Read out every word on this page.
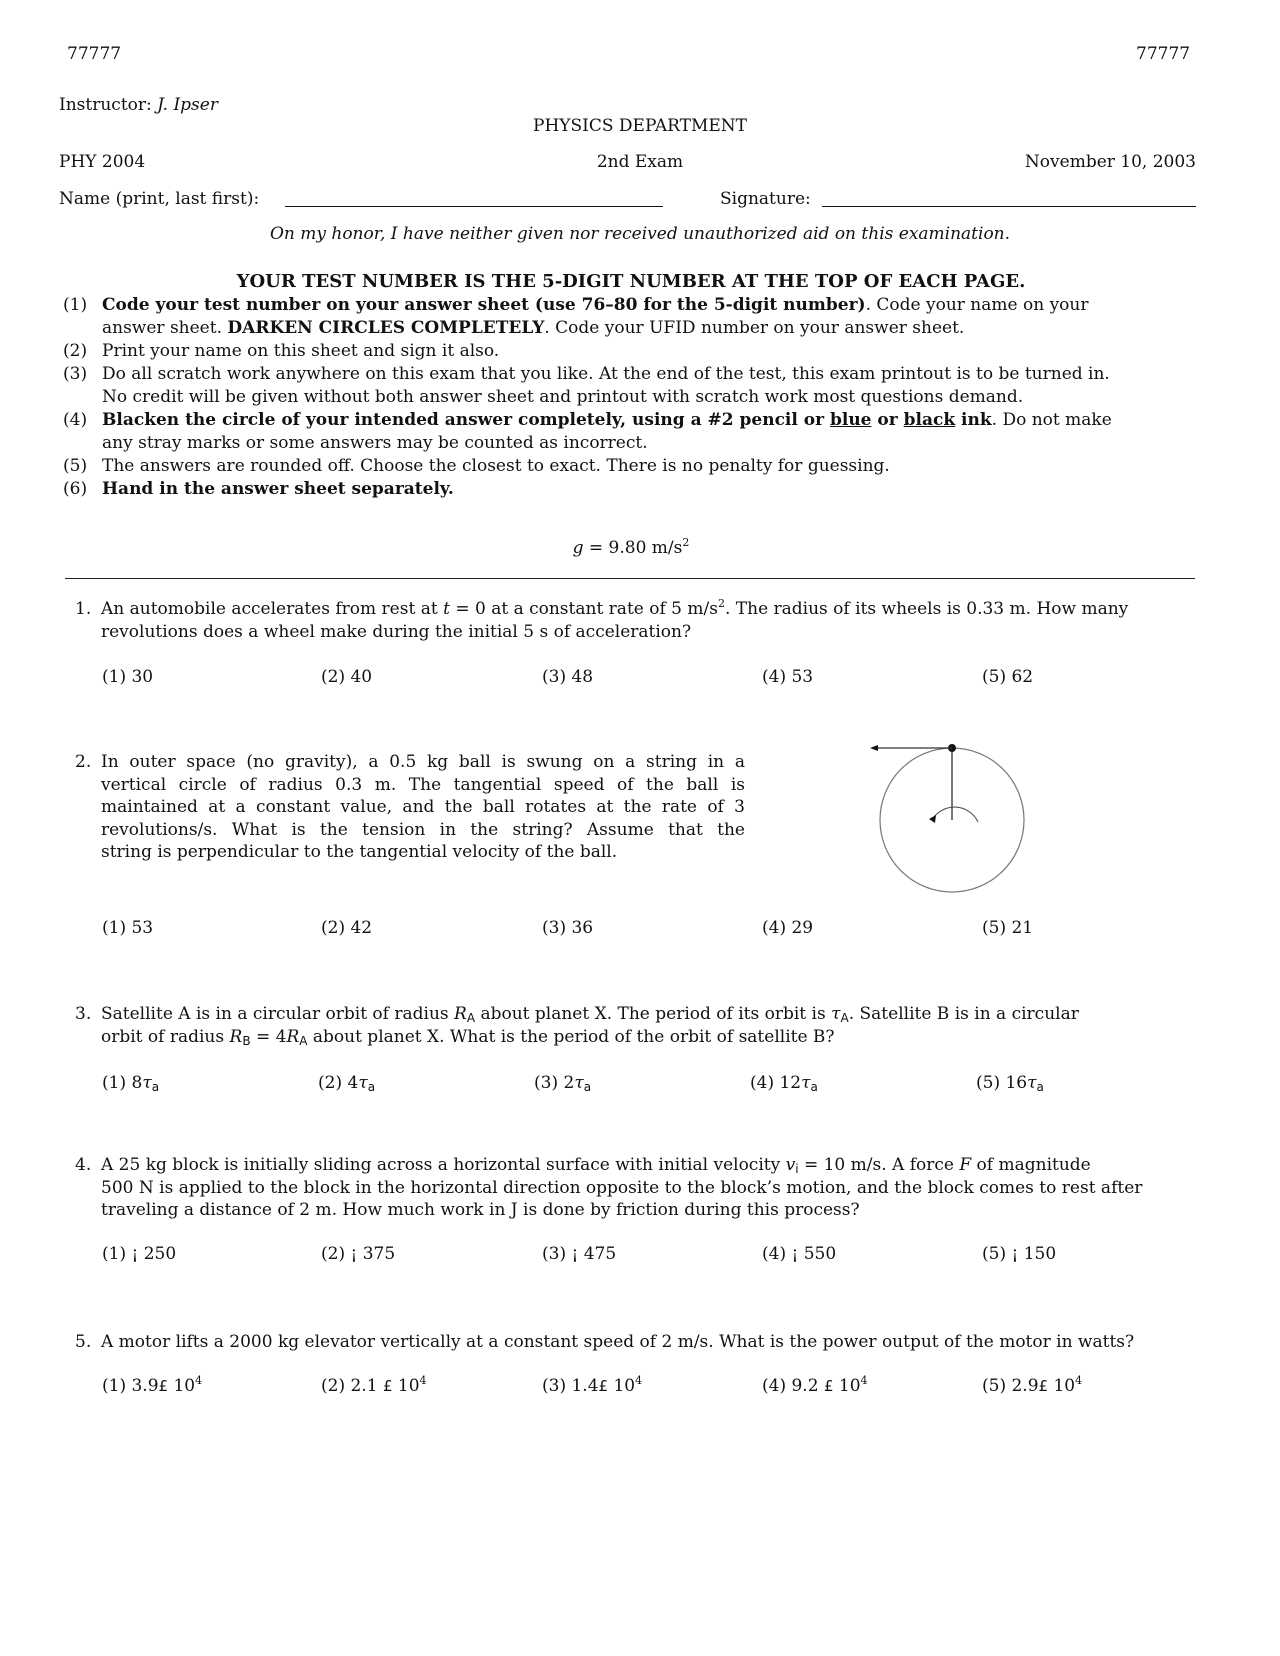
77777	77777
Instructor: J. Ipser
PHYSICS DEPARTMENT
PHY 2004	2nd Exam	November 10, 2003
Name (print, last first):	Signature:
On my honor, I have neither given nor received unauthorized aid on this examination.
YOUR TEST NUMBER IS THE 5-DIGIT NUMBER AT THE TOP OF EACH PAGE.
(1) Code your test number on your answer sheet (use 76–80 for the 5-digit number). Code your name on your
answer sheet. DARKEN CIRCLES COMPLETELY. Code your UFID number on your answer sheet.
(2) Print your name on this sheet and sign it also.
(3) Do all scratch work anywhere on this exam that you like. At the end of the test, this exam printout is to be turned in.
No credit will be given without both answer sheet and printout with scratch work most questions demand.
(4) Blacken the circle of your intended answer completely, using a #2 pencil or blue or black ink. Do not make
any stray marks or some answers may be counted as incorrect.
(5) The answers are rounded off. Choose the closest to exact. There is no penalty for guessing.
(6) Hand in the answer sheet separately.
g = 9.80 $m/s^2$
1. An automobile accelerates from rest at t = 0 at a constant rate of 5 $m/s^2$. The radius of its wheels is 0.33 m. How many
revolutions does a wheel make during the initial 5 s of acceleration?
(1) 30	(2) 40	(3) 48	(4) 53	(5) 62
2. In outer space (no gravity), a 0.5 kg ball is swung on a string in a
vertical circle of radius 0.3 m. The tangential speed of the ball is
maintained at a constant value, and the ball rotates at the rate of 3
revolutions/s. What is the tension in the string? Assume that the
string is perpendicular to the tangential velocity of the ball.
(1) 53	(2) 42	(3) 36	(4) 29	(5) 21
3. Satellite A is in a circular orbit of radius $R_A$ about planet X. The period of its orbit is $\tau_A$. Satellite B is in a circular
orbit of radius $R_B = 4R_A$ about planet X. What is the period of the orbit of satellite B?
(1) $8\tau_a$	(2) $4\tau_a$	(3) $2\tau_a$	(4) $12\tau_a$	(5) $16\tau_a$
4. A 25 kg block is initially sliding across a horizontal surface with initial velocity $v_i = 10$ m/s. A force F of magnitude
500 N is applied to the block in the horizontal direction opposite to the block’s motion, and the block comes to rest after
traveling a distance of 2 m. How much work in J is done by friction during this process?
(1) ¡ 250	(2) ¡ 375	(3) ¡ 475	(4) ¡ 550	(5) ¡ 150
5. A motor lifts a 2000 kg elevator vertically at a constant speed of 2 m/s. What is the power output of the motor in watts?
(1) 3.9£ $10^4$	(2) 2.1 £ $10^4$	(3) 1.4£ $10^4$	(4) 9.2 £ $10^4$	(5) 2.9£ $10^4$
